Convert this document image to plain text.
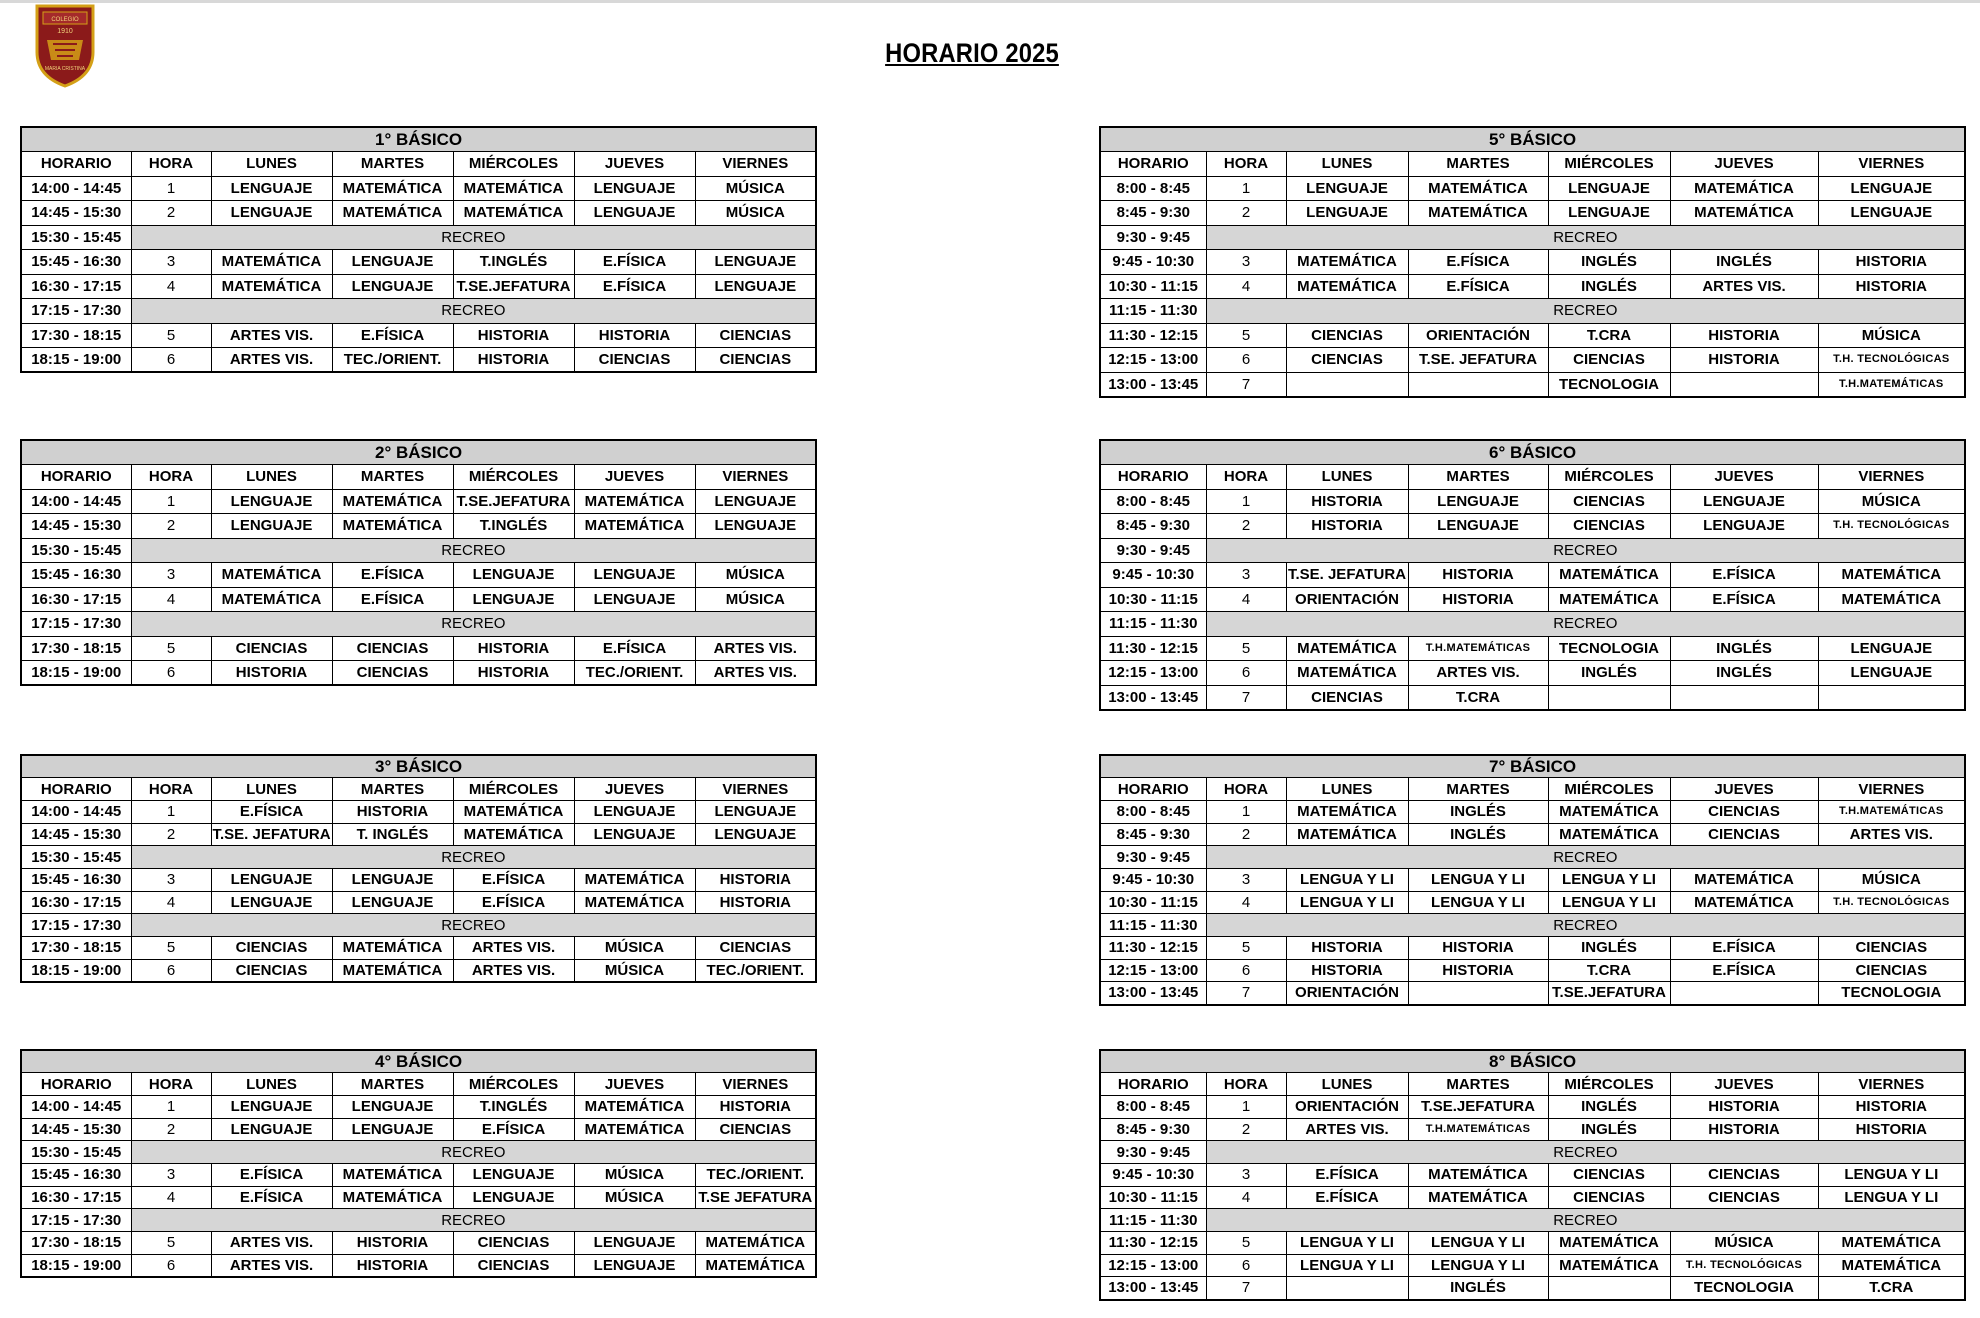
COLEGIO
1910
MARIA CRISTINA
HORARIO 2025
1° BÁSICO						
HORARIO	HORA	LUNES	MARTES	MIÉRCOLES	JUEVES	VIERNES
14:00 - 14:45	1	LENGUAJE	MATEMÁTICA	MATEMÁTICA	LENGUAJE	MÚSICA
14:45 - 15:30	2	LENGUAJE	MATEMÁTICA	MATEMÁTICA	LENGUAJE	MÚSICA
15:30 - 15:45	RECREO					
15:45 - 16:30	3	MATEMÁTICA	LENGUAJE	T.INGLÉS	E.FÍSICA	LENGUAJE
16:30 - 17:15	4	MATEMÁTICA	LENGUAJE	T.SE.JEFATURA	E.FÍSICA	LENGUAJE
17:15 - 17:30	RECREO					
17:30 - 18:15	5	ARTES VIS.	E.FÍSICA	HISTORIA	HISTORIA	CIENCIAS
18:15 - 19:00	6	ARTES VIS.	TEC./ORIENT.	HISTORIA	CIENCIAS	CIENCIAS
2° BÁSICO						
HORARIO	HORA	LUNES	MARTES	MIÉRCOLES	JUEVES	VIERNES
14:00 - 14:45	1	LENGUAJE	MATEMÁTICA	T.SE.JEFATURA	MATEMÁTICA	LENGUAJE
14:45 - 15:30	2	LENGUAJE	MATEMÁTICA	T.INGLÉS	MATEMÁTICA	LENGUAJE
15:30 - 15:45	RECREO					
15:45 - 16:30	3	MATEMÁTICA	E.FÍSICA	LENGUAJE	LENGUAJE	MÚSICA
16:30 - 17:15	4	MATEMÁTICA	E.FÍSICA	LENGUAJE	LENGUAJE	MÚSICA
17:15 - 17:30	RECREO					
17:30 - 18:15	5	CIENCIAS	CIENCIAS	HISTORIA	E.FÍSICA	ARTES VIS.
18:15 - 19:00	6	HISTORIA	CIENCIAS	HISTORIA	TEC./ORIENT.	ARTES VIS.
3° BÁSICO						
HORARIO	HORA	LUNES	MARTES	MIÉRCOLES	JUEVES	VIERNES
14:00 - 14:45	1	E.FÍSICA	HISTORIA	MATEMÁTICA	LENGUAJE	LENGUAJE
14:45 - 15:30	2	T.SE. JEFATURA	T. INGLÉS	MATEMÁTICA	LENGUAJE	LENGUAJE
15:30 - 15:45	RECREO					
15:45 - 16:30	3	LENGUAJE	LENGUAJE	E.FÍSICA	MATEMÁTICA	HISTORIA
16:30 - 17:15	4	LENGUAJE	LENGUAJE	E.FÍSICA	MATEMÁTICA	HISTORIA
17:15 - 17:30	RECREO					
17:30 - 18:15	5	CIENCIAS	MATEMÁTICA	ARTES VIS.	MÚSICA	CIENCIAS
18:15 - 19:00	6	CIENCIAS	MATEMÁTICA	ARTES VIS.	MÚSICA	TEC./ORIENT.
4° BÁSICO						
HORARIO	HORA	LUNES	MARTES	MIÉRCOLES	JUEVES	VIERNES
14:00 - 14:45	1	LENGUAJE	LENGUAJE	T.INGLÉS	MATEMÁTICA	HISTORIA
14:45 - 15:30	2	LENGUAJE	LENGUAJE	E.FÍSICA	MATEMÁTICA	CIENCIAS
15:30 - 15:45	RECREO					
15:45 - 16:30	3	E.FÍSICA	MATEMÁTICA	LENGUAJE	MÚSICA	TEC./ORIENT.
16:30 - 17:15	4	E.FÍSICA	MATEMÁTICA	LENGUAJE	MÚSICA	T.SE JEFATURA
17:15 - 17:30	RECREO					
17:30 - 18:15	5	ARTES VIS.	HISTORIA	CIENCIAS	LENGUAJE	MATEMÁTICA
18:15 - 19:00	6	ARTES VIS.	HISTORIA	CIENCIAS	LENGUAJE	MATEMÁTICA
5° BÁSICO						
HORARIO	HORA	LUNES	MARTES	MIÉRCOLES	JUEVES	VIERNES
8:00 - 8:45	1	LENGUAJE	MATEMÁTICA	LENGUAJE	MATEMÁTICA	LENGUAJE
8:45 - 9:30	2	LENGUAJE	MATEMÁTICA	LENGUAJE	MATEMÁTICA	LENGUAJE
9:30 - 9:45	RECREO					
9:45 - 10:30	3	MATEMÁTICA	E.FÍSICA	INGLÉS	INGLÉS	HISTORIA
10:30 - 11:15	4	MATEMÁTICA	E.FÍSICA	INGLÉS	ARTES VIS.	HISTORIA
11:15 - 11:30	RECREO					
11:30 - 12:15	5	CIENCIAS	ORIENTACIÓN	T.CRA	HISTORIA	MÚSICA
12:15 - 13:00	6	CIENCIAS	T.SE. JEFATURA	CIENCIAS	HISTORIA	T.H. TECNOLÓGICAS
13:00 - 13:45	7			TECNOLOGIA		T.H.MATEMÁTICAS
6° BÁSICO						
HORARIO	HORA	LUNES	MARTES	MIÉRCOLES	JUEVES	VIERNES
8:00 - 8:45	1	HISTORIA	LENGUAJE	CIENCIAS	LENGUAJE	MÚSICA
8:45 - 9:30	2	HISTORIA	LENGUAJE	CIENCIAS	LENGUAJE	T.H. TECNOLÓGICAS
9:30 - 9:45	RECREO					
9:45 - 10:30	3	T.SE. JEFATURA	HISTORIA	MATEMÁTICA	E.FÍSICA	MATEMÁTICA
10:30 - 11:15	4	ORIENTACIÓN	HISTORIA	MATEMÁTICA	E.FÍSICA	MATEMÁTICA
11:15 - 11:30	RECREO					
11:30 - 12:15	5	MATEMÁTICA	T.H.MATEMÁTICAS	TECNOLOGIA	INGLÉS	LENGUAJE
12:15 - 13:00	6	MATEMÁTICA	ARTES VIS.	INGLÉS	INGLÉS	LENGUAJE
13:00 - 13:45	7	CIENCIAS	T.CRA			
7° BÁSICO						
HORARIO	HORA	LUNES	MARTES	MIÉRCOLES	JUEVES	VIERNES
8:00 - 8:45	1	MATEMÁTICA	INGLÉS	MATEMÁTICA	CIENCIAS	T.H.MATEMÁTICAS
8:45 - 9:30	2	MATEMÁTICA	INGLÉS	MATEMÁTICA	CIENCIAS	ARTES VIS.
9:30 - 9:45	RECREO					
9:45 - 10:30	3	LENGUA Y LI	LENGUA Y LI	LENGUA Y LI	MATEMÁTICA	MÚSICA
10:30 - 11:15	4	LENGUA Y LI	LENGUA Y LI	LENGUA Y LI	MATEMÁTICA	T.H. TECNOLÓGICAS
11:15 - 11:30	RECREO					
11:30 - 12:15	5	HISTORIA	HISTORIA	INGLÉS	E.FÍSICA	CIENCIAS
12:15 - 13:00	6	HISTORIA	HISTORIA	T.CRA	E.FÍSICA	CIENCIAS
13:00 - 13:45	7	ORIENTACIÓN		T.SE.JEFATURA		TECNOLOGIA
8° BÁSICO						
HORARIO	HORA	LUNES	MARTES	MIÉRCOLES	JUEVES	VIERNES
8:00 - 8:45	1	ORIENTACIÓN	T.SE.JEFATURA	INGLÉS	HISTORIA	HISTORIA
8:45 - 9:30	2	ARTES VIS.	T.H.MATEMÁTICAS	INGLÉS	HISTORIA	HISTORIA
9:30 - 9:45	RECREO					
9:45 - 10:30	3	E.FÍSICA	MATEMÁTICA	CIENCIAS	CIENCIAS	LENGUA Y LI
10:30 - 11:15	4	E.FÍSICA	MATEMÁTICA	CIENCIAS	CIENCIAS	LENGUA Y LI
11:15 - 11:30	RECREO					
11:30 - 12:15	5	LENGUA Y LI	LENGUA Y LI	MATEMÁTICA	MÚSICA	MATEMÁTICA
12:15 - 13:00	6	LENGUA Y LI	LENGUA Y LI	MATEMÁTICA	T.H. TECNOLÓGICAS	MATEMÁTICA
13:00 - 13:45	7		INGLÉS		TECNOLOGIA	T.CRA
